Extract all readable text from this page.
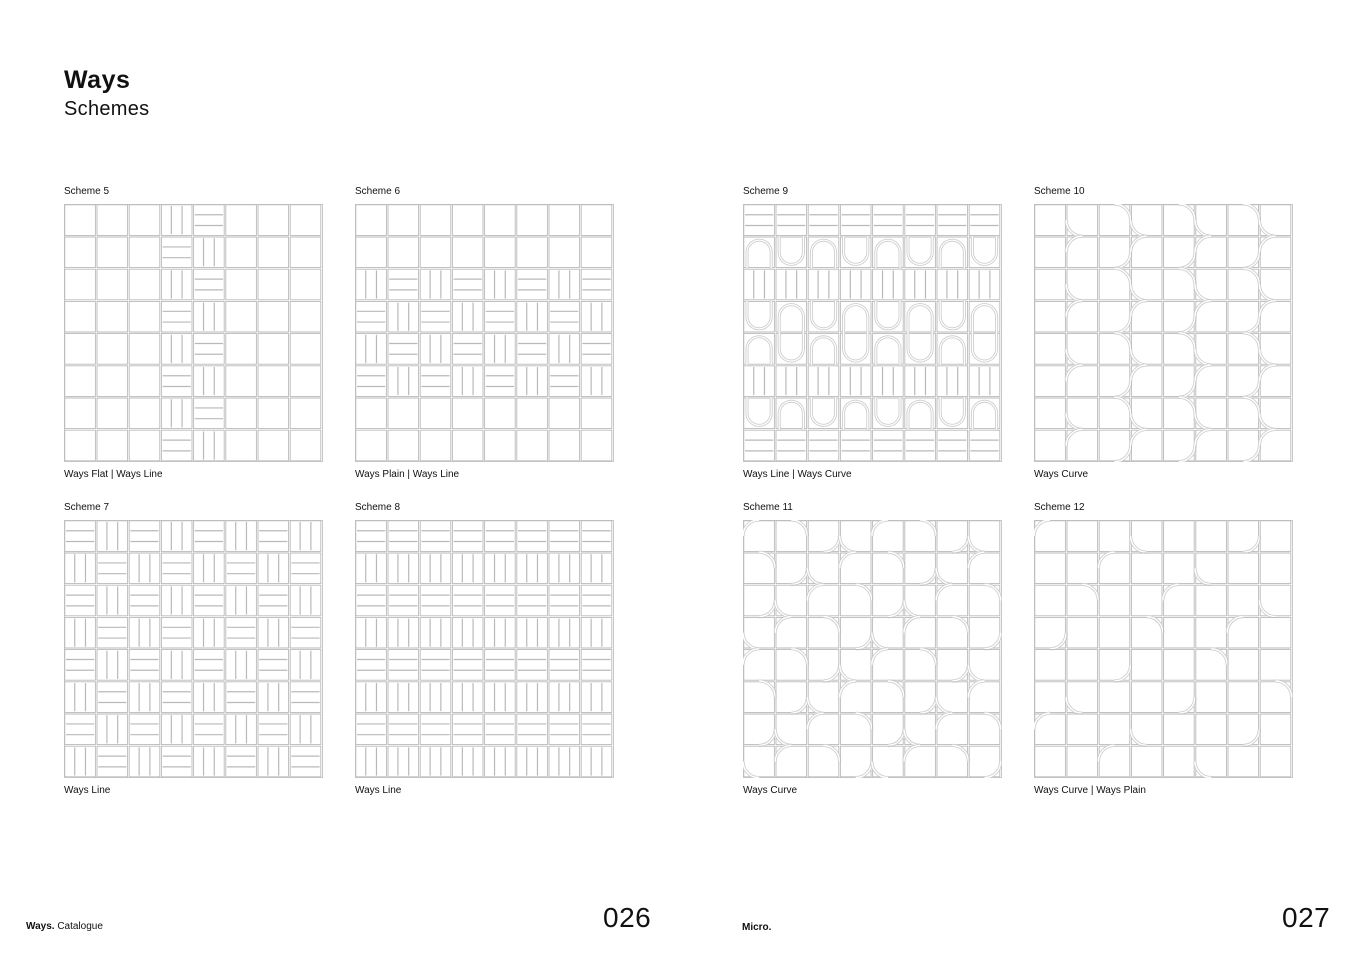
Ways
Schemes
Scheme 5
Ways Flat | Ways Line
Scheme 6
Ways Plain | Ways Line
Scheme 9
Ways Line | Ways Curve
Scheme 10
Ways Curve
Scheme 7
Ways Line
Scheme 8
Ways Line
Scheme 11
Ways Curve
Scheme 12
Ways Curve | Ways Plain
Ways. Catalogue	026	Micro.	027
